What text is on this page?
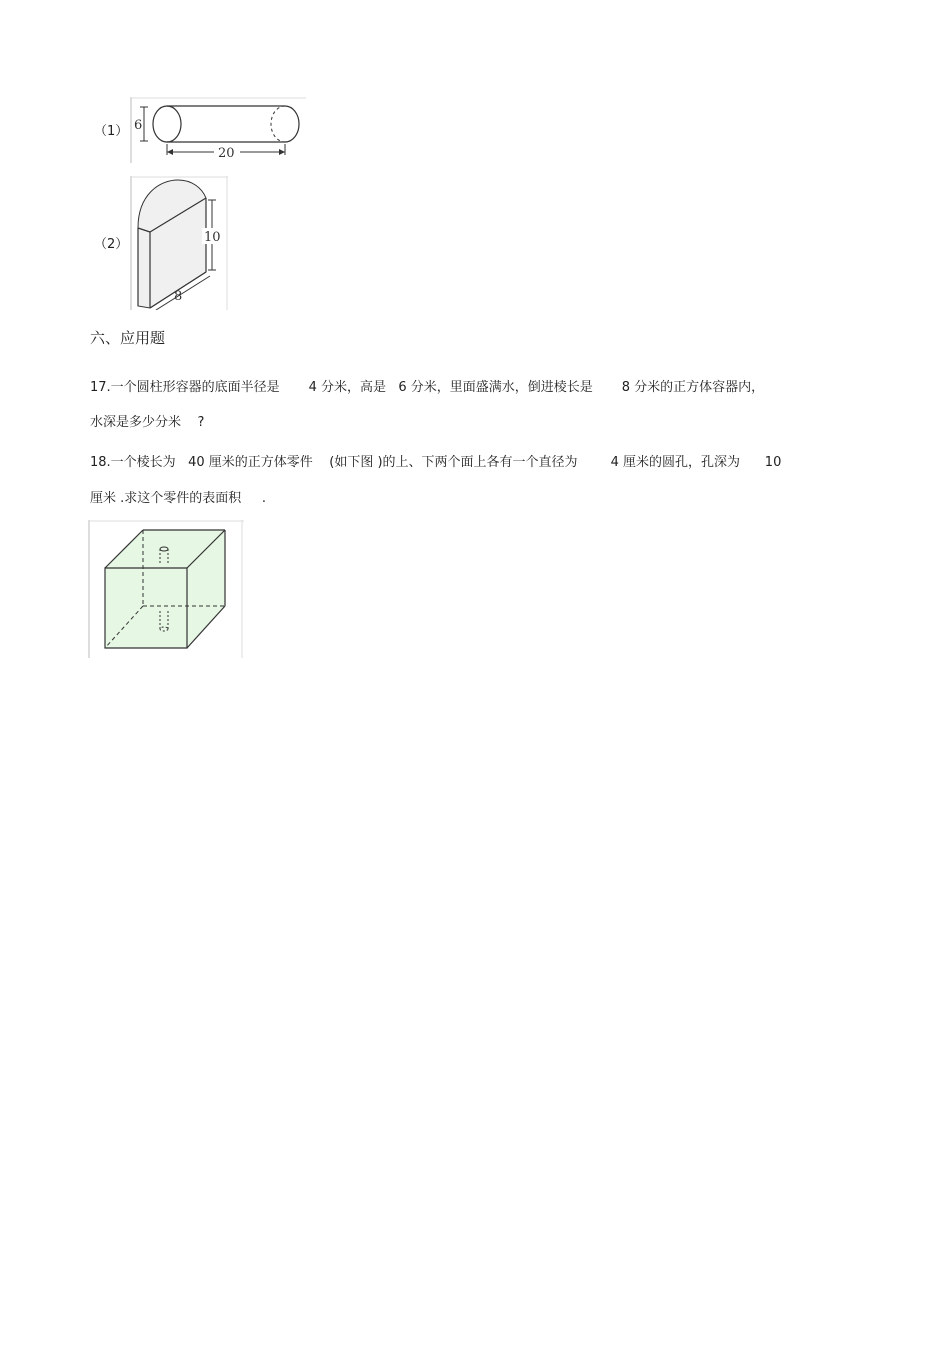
（1） 6
20
（2）	10
8
六、应用题
17.一个圆柱形容器的底面半径是       4 分米，高是   6 分米，里面盛满水，倒进棱长是       8 分米的正方体容器内，
水深是多少分米    ?
18.一个棱长为   40 厘米的正方体零件    (如下图 )的上、下两个面上各有一个直径为        4 厘米的圆孔，孔深为      10
厘米 .求这个零件的表面积     .
